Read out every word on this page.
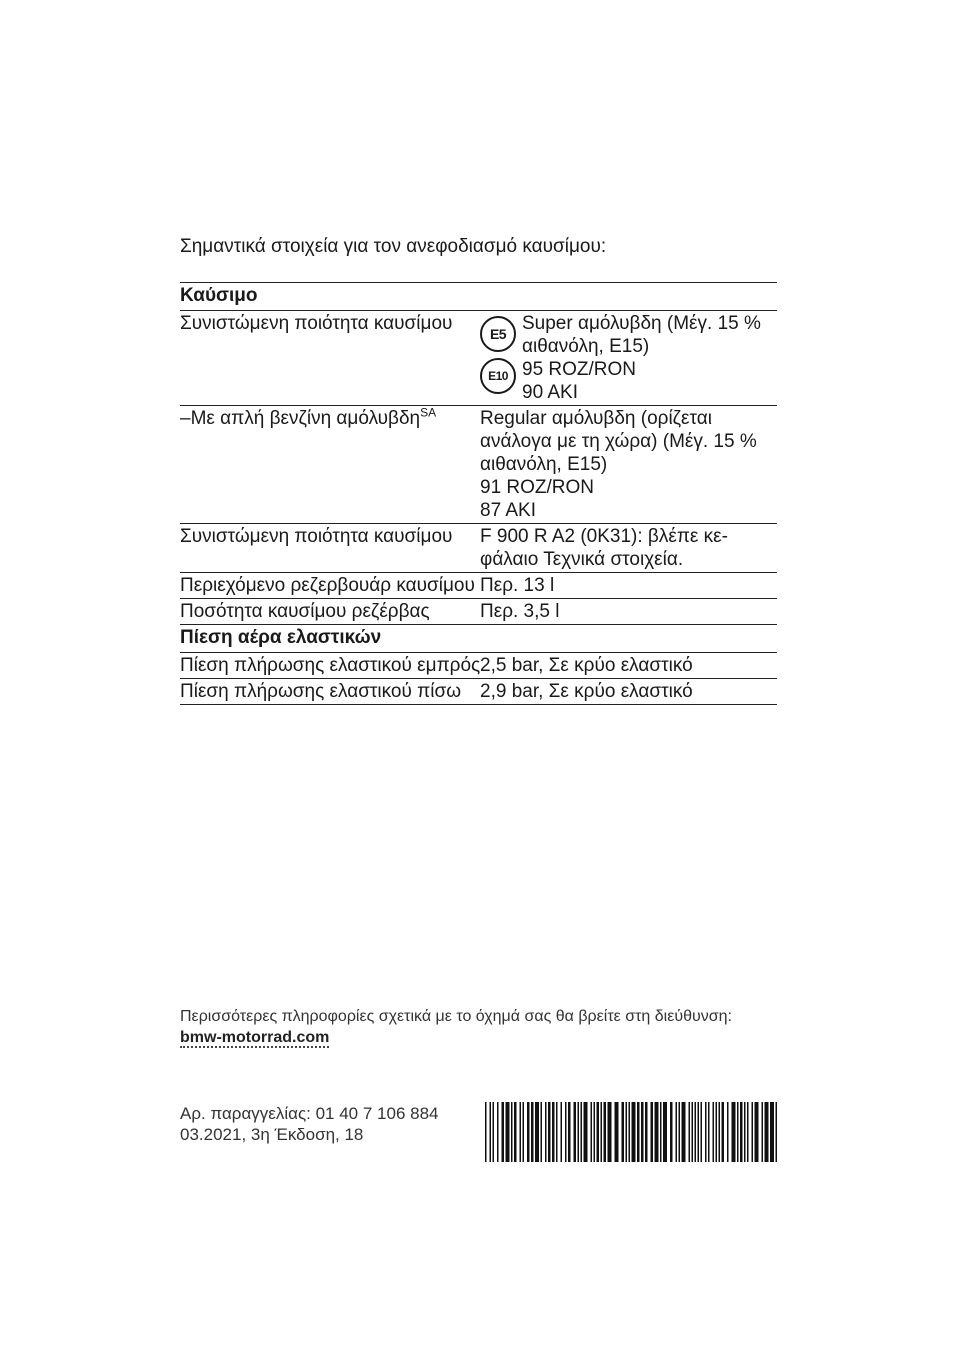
Σημαντικά στοιχεία για τον ανεφοδιασμό καυσίμου:
Καύσιμο
Συνιστώμενη ποιότητα καυσίμου	E5
E10
Super αμόλυβδη (Μέγ. 15 %
αιθανόλη, E15)
95 ROZ/RON
90 AKI
–Με απλή βενζίνη αμόλυβδη$^{SA}$	Regular αμόλυβδη (ορίζεται
ανάλογα με τη χώρα) (Μέγ. 15 %
αιθανόλη, E15)
91 ROZ/RON
87 AKI
Συνιστώμενη ποιότητα καυσίμου	F 900 R A2 (0K31): βλέπε κε-
φάλαιο Τεχνικά στοιχεία.
Περιεχόμενο ρεζερβουάρ καυσίμου Περ. 13 l
Ποσότητα καυσίμου ρεζέρβας	Περ. 3,5 l
Πίεση αέρα ελαστικών
Πίεση πλήρωσης ελαστικού εμπρός 2,5 bar, Σε κρύο ελαστικό
Πίεση πλήρωσης ελαστικού πίσω 2,9 bar, Σε κρύο ελαστικό
Περισσότερες πληροφορίες σχετικά με το όχημά σας θα βρείτε στη διεύθυνση:
bmw-motorrad.com
Αρ. παραγγελίας: 01 40 7 106 884
03.2021, 3η Έκδοση, 18
